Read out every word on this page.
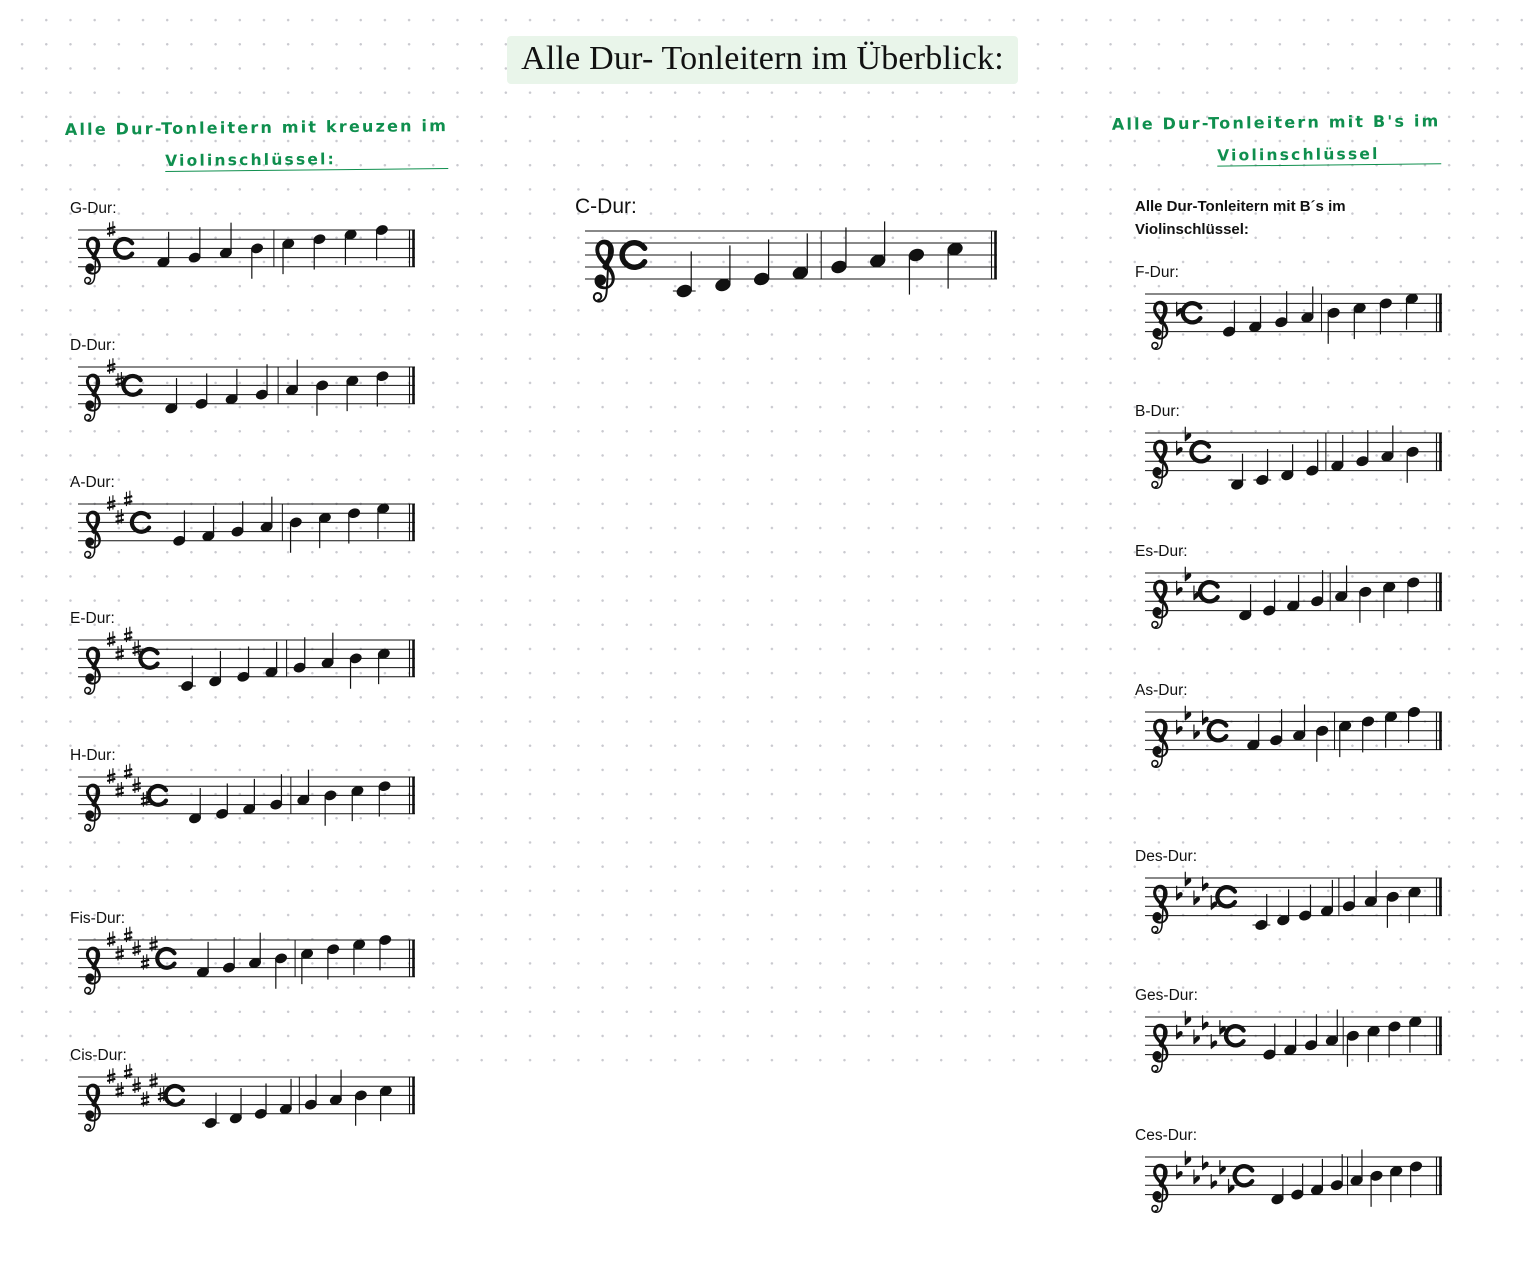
Alle Dur- Tonleitern im Überblick:
Alle Dur-Tonleitern mit kreuzen im
Violinschlüssel:
Alle Dur-Tonleitern mit B's im
Violinschlüssel
G-Dur:
D-Dur:
A-Dur:
E-Dur:
H-Dur:
Fis-Dur:
Cis-Dur:
C-Dur:	Alle Dur-Tonleitern mit B´s im
Violinschlüssel:

F-Dur:
B-Dur:
Es-Dur:
As-Dur:
Des-Dur:
Ges-Dur:
Ces-Dur:
